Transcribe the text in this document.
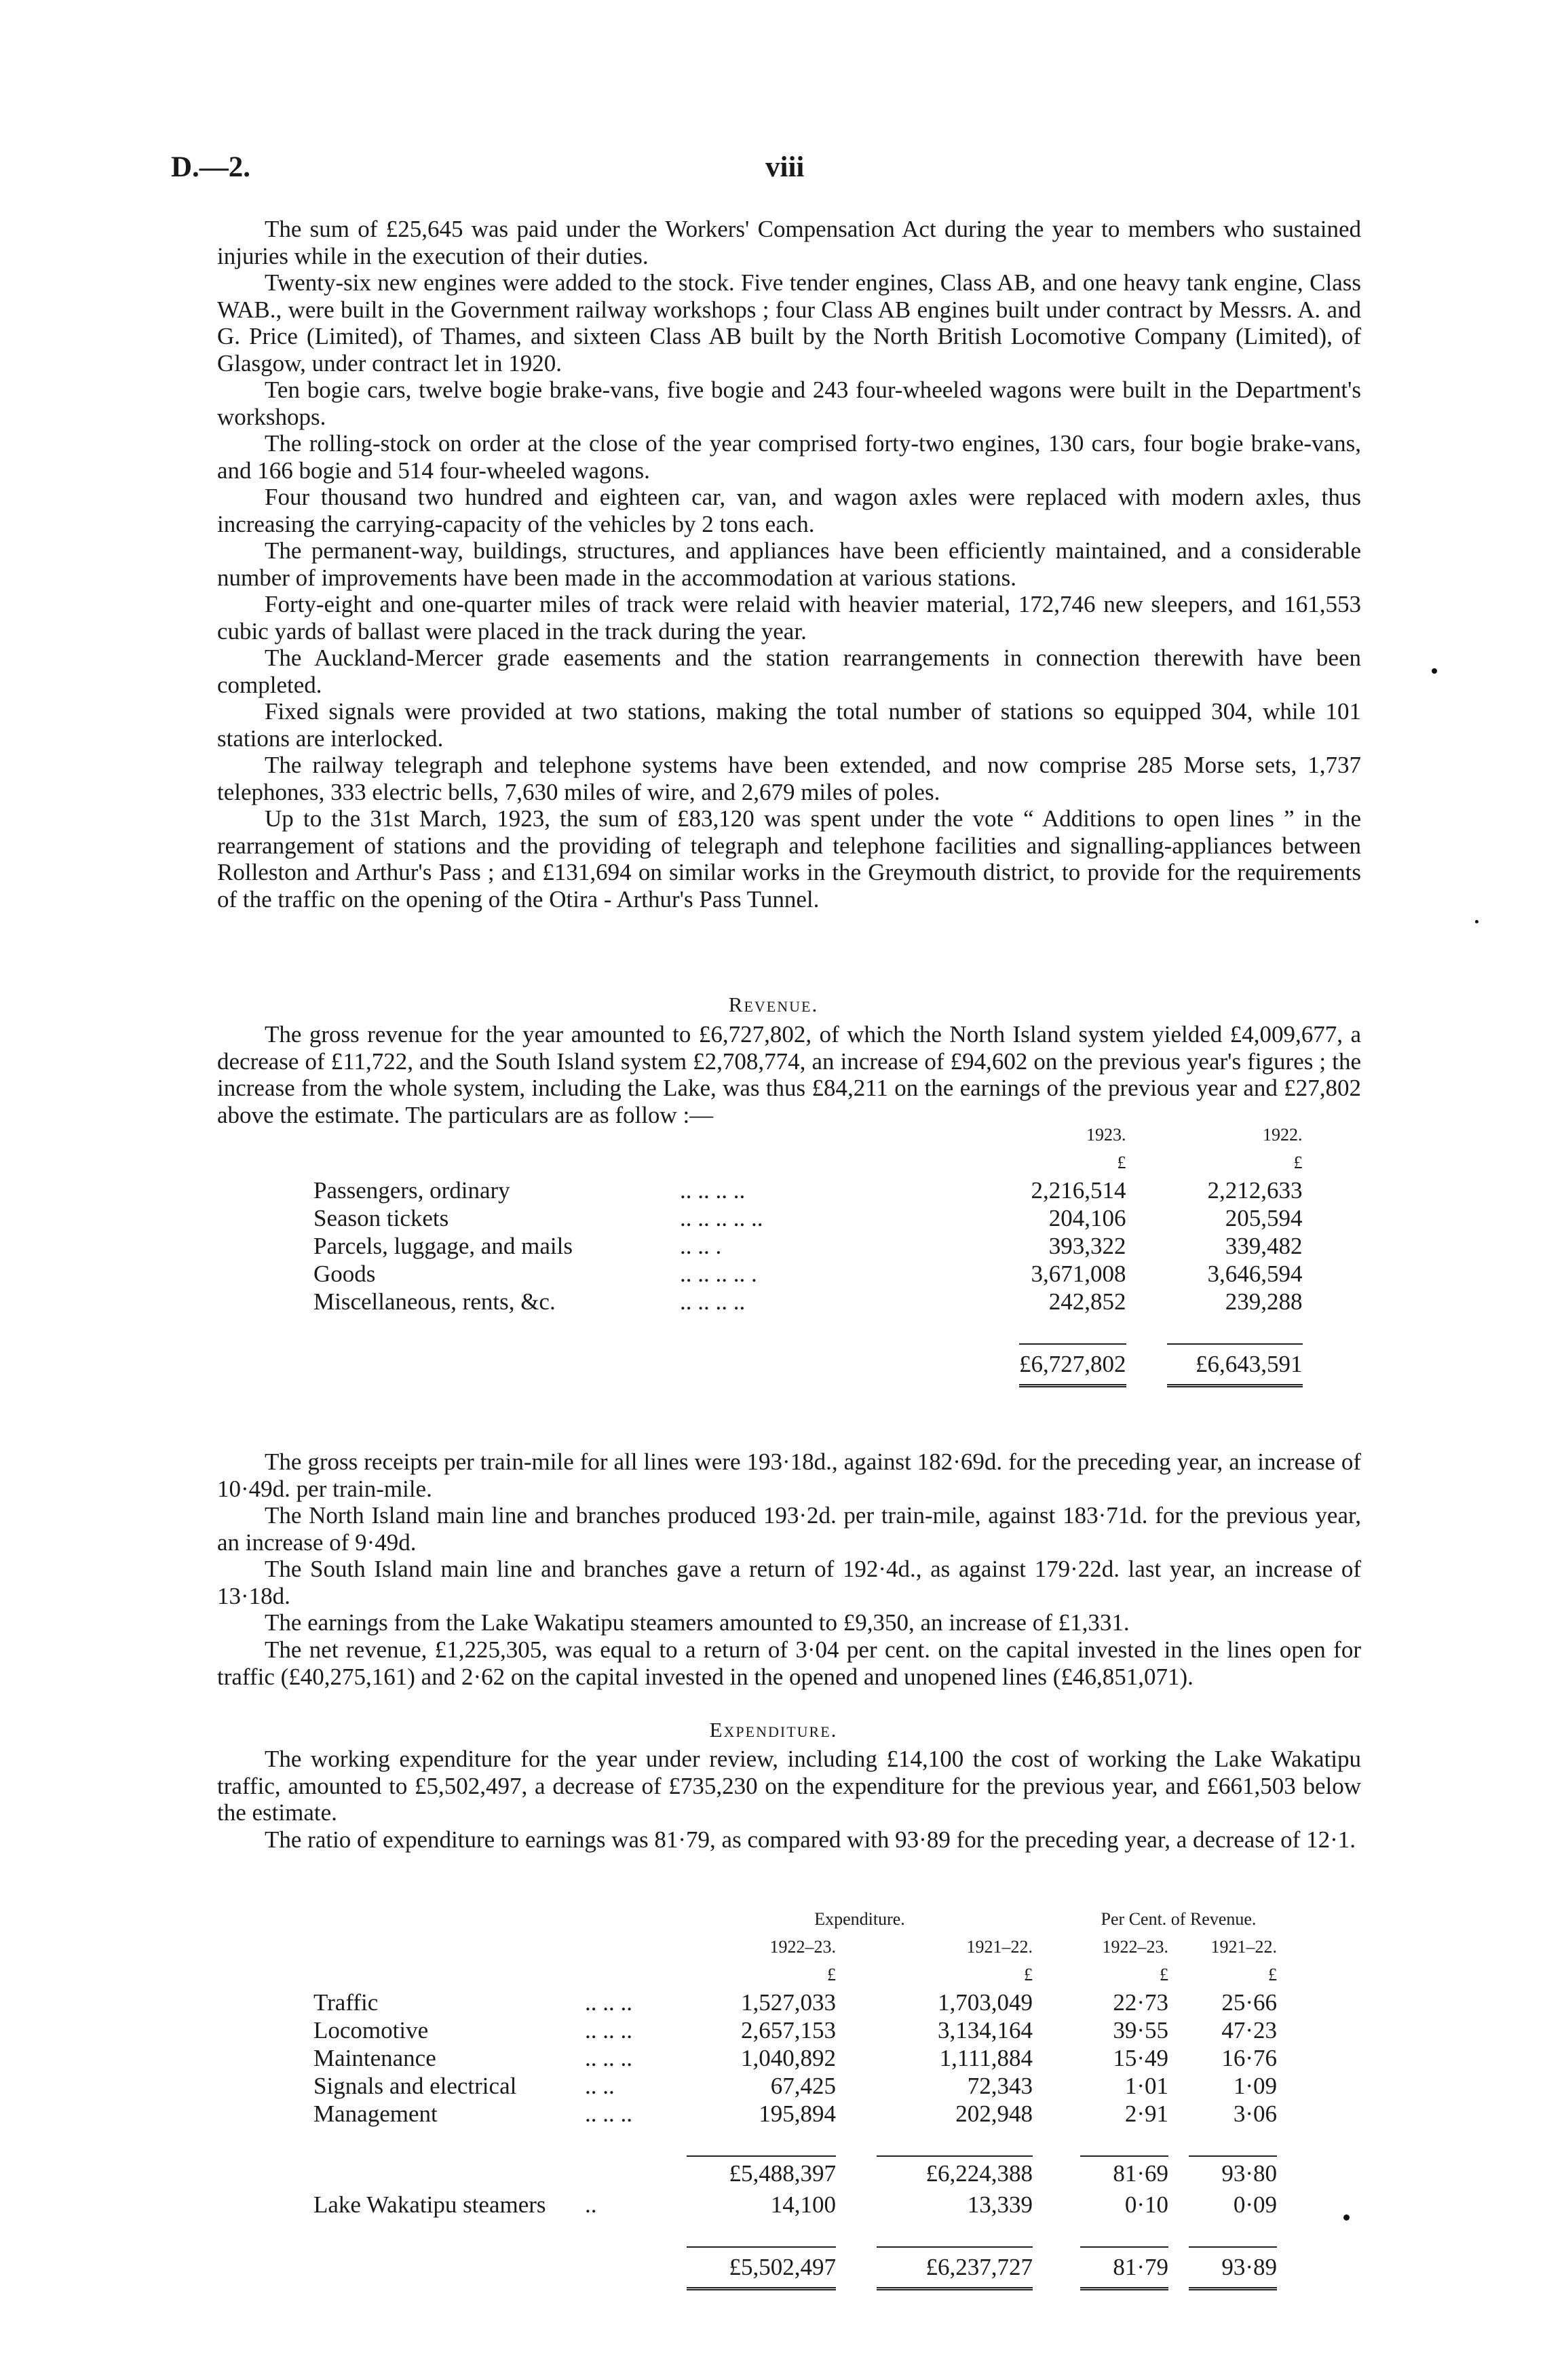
D.—2.	viii

The sum of £25,645 was paid under the Workers' Compensation Act during the year to members who sustained injuries while in the execution of their duties.

Twenty-six new engines were added to the stock. Five tender engines, Class AB, and one heavy tank engine, Class WAB., were built in the Government railway workshops ; four Class AB engines built under contract by Messrs. A. and G. Price (Limited), of Thames, and sixteen Class AB built by the North British Locomotive Company (Limited), of Glasgow, under contract let in 1920.

Ten bogie cars, twelve bogie brake-vans, five bogie and 243 four-wheeled wagons were built in the Department's workshops.

The rolling-stock on order at the close of the year comprised forty-two engines, 130 cars, four bogie brake-vans, and 166 bogie and 514 four-wheeled wagons.

Four thousand two hundred and eighteen car, van, and wagon axles were replaced with modern axles, thus increasing the carrying-capacity of the vehicles by 2 tons each.

The permanent-way, buildings, structures, and appliances have been efficiently maintained, and a considerable number of improvements have been made in the accommodation at various stations.

Forty-eight and one-quarter miles of track were relaid with heavier material, 172,746 new sleepers, and 161,553 cubic yards of ballast were placed in the track during the year.

The Auckland-Mercer grade easements and the station rearrangements in connection therewith have been completed.

Fixed signals were provided at two stations, making the total number of stations so equipped 304, while 101 stations are interlocked.

The railway telegraph and telephone systems have been extended, and now comprise 285 Morse sets, 1,737 telephones, 333 electric bells, 7,630 miles of wire, and 2,679 miles of poles.

Up to the 31st March, 1923, the sum of £83,120 was spent under the vote “ Additions to open lines ” in the rearrangement of stations and the providing of telegraph and telephone facilities and signalling-appliances between Rolleston and Arthur's Pass ; and £131,694 on similar works in the Greymouth district, to provide for the requirements of the traffic on the opening of the Otira - Arthur's Pass Tunnel.

Revenue.

The gross revenue for the year amounted to £6,727,802, of which the North Island system yielded £4,009,677, a decrease of £11,722, and the South Island system £2,708,774, an increase of £94,602 on the previous year's figures ; the increase from the whole system, including the Lake, was thus £84,211 on the earnings of the previous year and £27,802 above the estimate. The particulars are as follow :—

		1923.		1922.
		£		£
Passengers, ordinary	.. .. .. ..	2,216,514		2,212,633
Season tickets	.. .. .. .. ..	204,106		205,594
Parcels, luggage, and mails	.. .. .	393,322		339,482
Goods	.. .. .. .. .	3,671,008		3,646,594
Miscellaneous, rents, &c.	.. .. .. ..	242,852		239,288

		£6,727,802		£6,643,591

The gross receipts per train-mile for all lines were 193·18d., against 182·69d. for the preceding year, an increase of 10·49d. per train-mile.

The North Island main line and branches produced 193·2d. per train-mile, against 183·71d. for the previous year, an increase of 9·49d.

The South Island main line and branches gave a return of 192·4d., as against 179·22d. last year, an increase of 13·18d.

The earnings from the Lake Wakatipu steamers amounted to £9,350, an increase of £1,331.

The net revenue, £1,225,305, was equal to a return of 3·04 per cent. on the capital invested in the lines open for traffic (£40,275,161) and 2·62 on the capital invested in the opened and unopened lines (£46,851,071).

Expenditure.

The working expenditure for the year under review, including £14,100 the cost of working the Lake Wakatipu traffic, amounted to £5,502,497, a decrease of £735,230 on the expenditure for the previous year, and £661,503 below the estimate.

The ratio of expenditure to earnings was 81·79, as compared with 93·89 for the preceding year, a decrease of 12·1.

		Expenditure.				Per Cent. of Revenue.		
		1922–23.		1921–22.		1922–23.		1921–22.
		£		£		£		£
Traffic	.. .. ..	1,527,033		1,703,049		22·73		25·66
Locomotive	.. .. ..	2,657,153		3,134,164		39·55		47·23
Maintenance	.. .. ..	1,040,892		1,111,884		15·49		16·76
Signals and electrical	.. ..	67,425		72,343		1·01		1·09
Management	.. .. ..	195,894		202,948		2·91		3·06

		£5,488,397		£6,224,388		81·69		93·80
Lake Wakatipu steamers	..	14,100		13,339		0·10		0·09

		£5,502,497		£6,237,727		81·79		93·89
